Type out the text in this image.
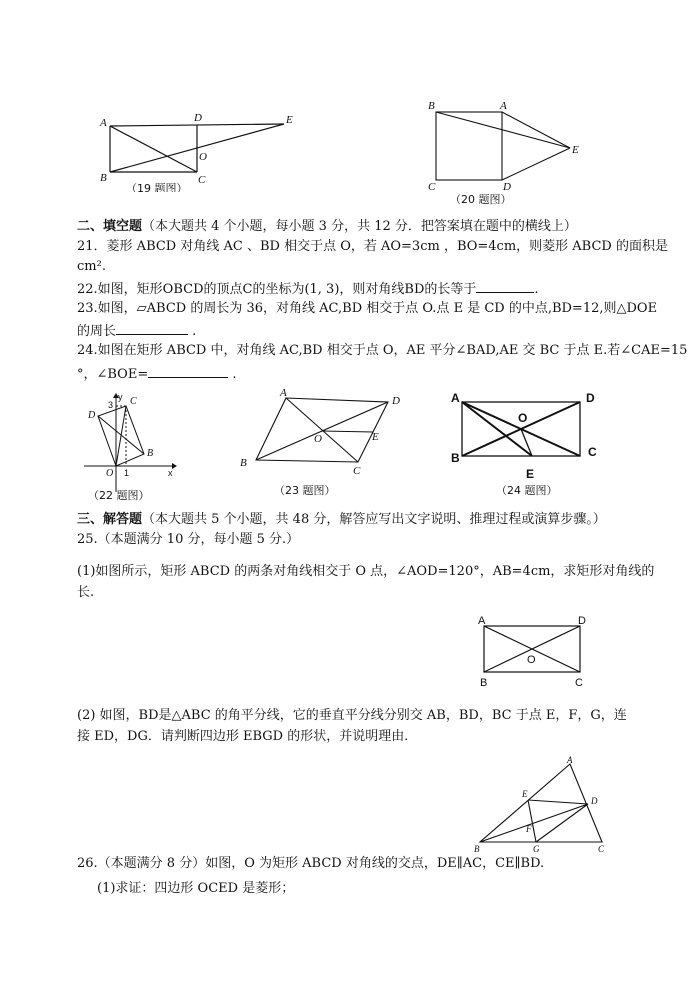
A	D	E
O
B	C
（19 题图）
B	A
E
C	D
（20 题图）
二、填空题（本大题共 4 个小题，每小题 3 分，共 12 分．把答案填在题中的横线上）
21．菱形 ABCD 对角线 AC 、BD 相交于点 O，若 AO=3cm ，BO=4cm，则菱形 ABCD 的面积是
cm².
22.如图，矩形OBCD的顶点C的坐标为(1, 3)，则对角线BD的长等于	.
23.如图，▱ABCD 的周长为 36，对角线 AC,BD 相交于点 O.点 E 是 CD 的中点,BD=12,则△DOE
的周长	.
24.如图在矩形 ABCD 中，对角线 AC,BD 相交于点 O，AE 平分∠BAD,AE 交 BC 于点 E.若∠CAE=15
°，∠BOE=	.
y C
D
3
B
O 1	x
（22 题图）
A
D
O	E
B
C
（23 题图）
A	D
O
B	C
E
（24 题图）
三、解答题（本大题共 5 个小题，共 48 分，解答应写出文字说明、推理过程或演算步骤。）
25.（本题满分 10 分，每小题 5 分.）
(1)如图所示，矩形 ABCD 的两条对角线相交于 O 点，∠AOD=120°，AB=4cm，求矩形对角线的
长.
A	D
O
B	C
(2) 如图，BD是△ABC 的角平分线，它的垂直平分线分别交 AB，BD，BC 于点 E，F，G，连
接 ED，DG．请判断四边形 EBGD 的形状，并说明理由．
A
E
D
F
B	G	C
26.（本题满分 8 分）如图，O 为矩形 ABCD 对角线的交点，DE∥AC，CE∥BD.
(1)求证：四边形 OCED 是菱形；
